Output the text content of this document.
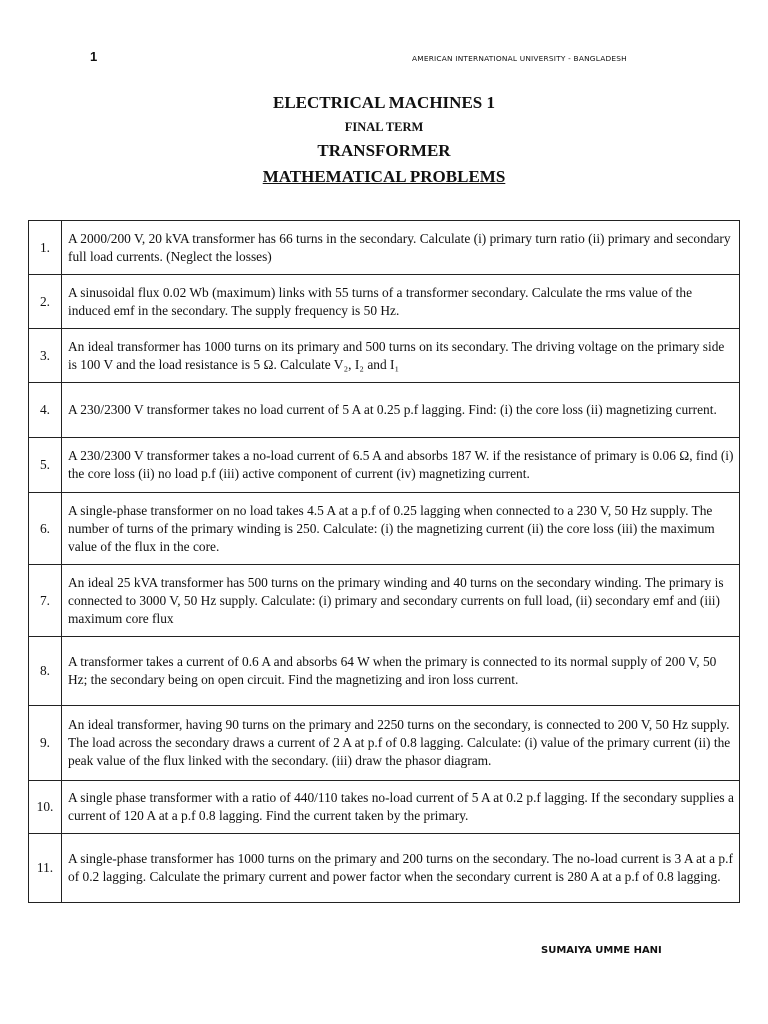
1	AMERICAN INTERNATIONAL UNIVERSITY - BANGLADESH
ELECTRICAL MACHINES 1
FINAL TERM
TRANSFORMER
MATHEMATICAL PROBLEMS
1.	A 2000/200 V, 20 kVA transformer has 66 turns in the secondary. Calculate (i) primary turn ratio (ii) primary and secondary full load currents. (Neglect the losses)
2.	A sinusoidal flux 0.02 Wb (maximum) links with 55 turns of a transformer secondary. Calculate the rms value of the induced emf in the secondary. The supply frequency is 50 Hz.
3.	An ideal transformer has 1000 turns on its primary and 500 turns on its secondary. The driving voltage on the primary side is 100 V and the load resistance is 5 Ω. Calculate V₂, I₂ and I₁
4.	A 230/2300 V transformer takes no load current of 5 A at 0.25 p.f lagging. Find: (i) the core loss (ii) magnetizing current.
5.	A 230/2300 V transformer takes a no-load current of 6.5 A and absorbs 187 W. if the resistance of primary is 0.06 Ω, find (i) the core loss (ii) no load p.f (iii) active component of current (iv) magnetizing current.
6.	A single-phase transformer on no load takes 4.5 A at a p.f of 0.25 lagging when connected to a 230 V, 50 Hz supply. The number of turns of the primary winding is 250. Calculate: (i) the magnetizing current (ii) the core loss (iii) the maximum value of the flux in the core.
7.	An ideal 25 kVA transformer has 500 turns on the primary winding and 40 turns on the secondary winding. The primary is connected to 3000 V, 50 Hz supply. Calculate: (i) primary and secondary currents on full load, (ii) secondary emf and (iii) maximum core flux
8.	A transformer takes a current of 0.6 A and absorbs 64 W when the primary is connected to its normal supply of 200 V, 50 Hz; the secondary being on open circuit. Find the magnetizing and iron loss current.
9.	An ideal transformer, having 90 turns on the primary and 2250 turns on the secondary, is connected to 200 V, 50 Hz supply. The load across the secondary draws a current of 2 A at p.f of 0.8 lagging. Calculate: (i) value of the primary current (ii) the peak value of the flux linked with the secondary. (iii) draw the phasor diagram.
10.	A single phase transformer with a ratio of 440/110 takes no-load current of 5 A at 0.2 p.f lagging. If the secondary supplies a current of 120 A at a p.f 0.8 lagging. Find the current taken by the primary.
11.	A single-phase transformer has 1000 turns on the primary and 200 turns on the secondary. The no-load current is 3 A at a p.f of 0.2 lagging. Calculate the primary current and power factor when the secondary current is 280 A at a p.f of 0.8 lagging.
SUMAIYA UMME HANI
